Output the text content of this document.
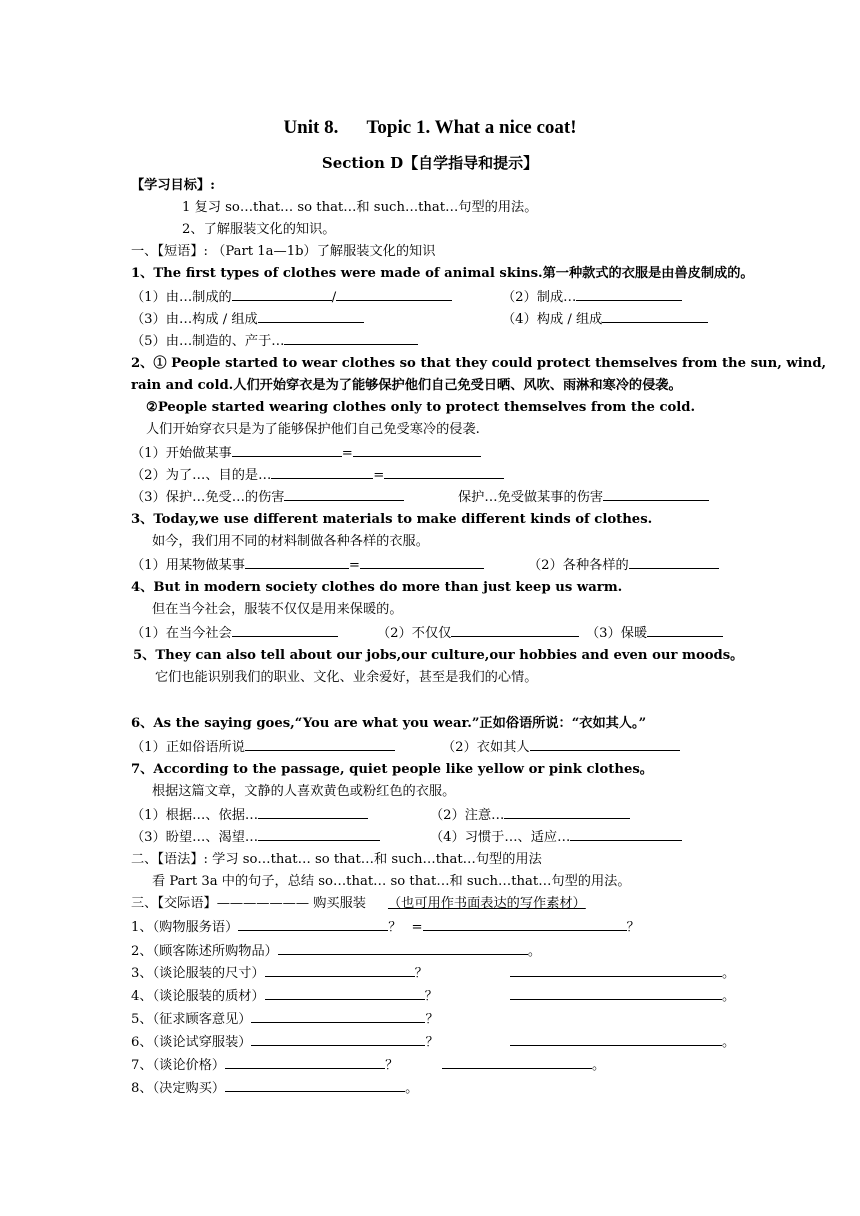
Unit 8.      Topic 1. What a nice coat!
Section D【自学指导和提示】
【学习目标】:
1 复习 so…that… so that…和 such…that…句型的用法。
2、了解服装文化的知识。
一、【短语】: （Part 1a—1b）了解服装文化的知识
1、The first types of clothes were made of animal skins.第一种款式的衣服是由兽皮制成的。
（1）由…制成的	/	（2）制成…
（3）由…构成 / 组成	（4）构成 / 组成
（5）由…制造的、产于…
2、① People started to wear clothes so that they could protect themselves from the sun, wind,
rain and cold.人们开始穿衣是为了能够保护他们自己免受日晒、风吹、雨淋和寒冷的侵袭。
②People started wearing clothes only to protect themselves from the cold.
人们开始穿衣只是为了能够保护他们自己免受寒冷的侵袭.
（1）开始做某事	=
（2）为了…、目的是…	=
（3）保护…免受…的伤害	保护…免受做某事的伤害
3、Today,we use different materials to make different kinds of clothes.
如今，我们用不同的材料制做各种各样的衣服。
（1）用某物做某事	=	（2）各种各样的
4、But in modern society clothes do more than just keep us warm.
但在当今社会，服装不仅仅是用来保暖的。
（1）在当今社会	（2）不仅仅	（3）保暖
5、They can also tell about our jobs,our culture,our hobbies and even our moods。
它们也能识别我们的职业、文化、业余爱好，甚至是我们的心情。
6、As the saying goes,“You are what you wear.”正如俗语所说：“衣如其人。”
（1）正如俗语所说	（2）衣如其人
7、According to the passage, quiet people like yellow or pink clothes。
根据这篇文章，文静的人喜欢黄色或粉红色的衣服。
（1）根据…、依据…	（2）注意…
（3）盼望…、渴望…	（4）习惯于…、适应…
二、【语法】: 学习 so…that… so that…和 such…that…句型的用法
看 Part 3a 中的句子，总结 so…that… so that…和 such…that…句型的用法。
三、【交际语】——————— 购买服装 （也可用作书面表达的写作素材）
1、（购物服务语）	？ =	？
2、（顾客陈述所购物品）	。
3、（谈论服装的尺寸）	？	。
4、（谈论服装的质材）	？	。
5、（征求顾客意见）	？
6、（谈论试穿服装）	？	。
7、（谈论价格）	？	。
8、（决定购买）	。
